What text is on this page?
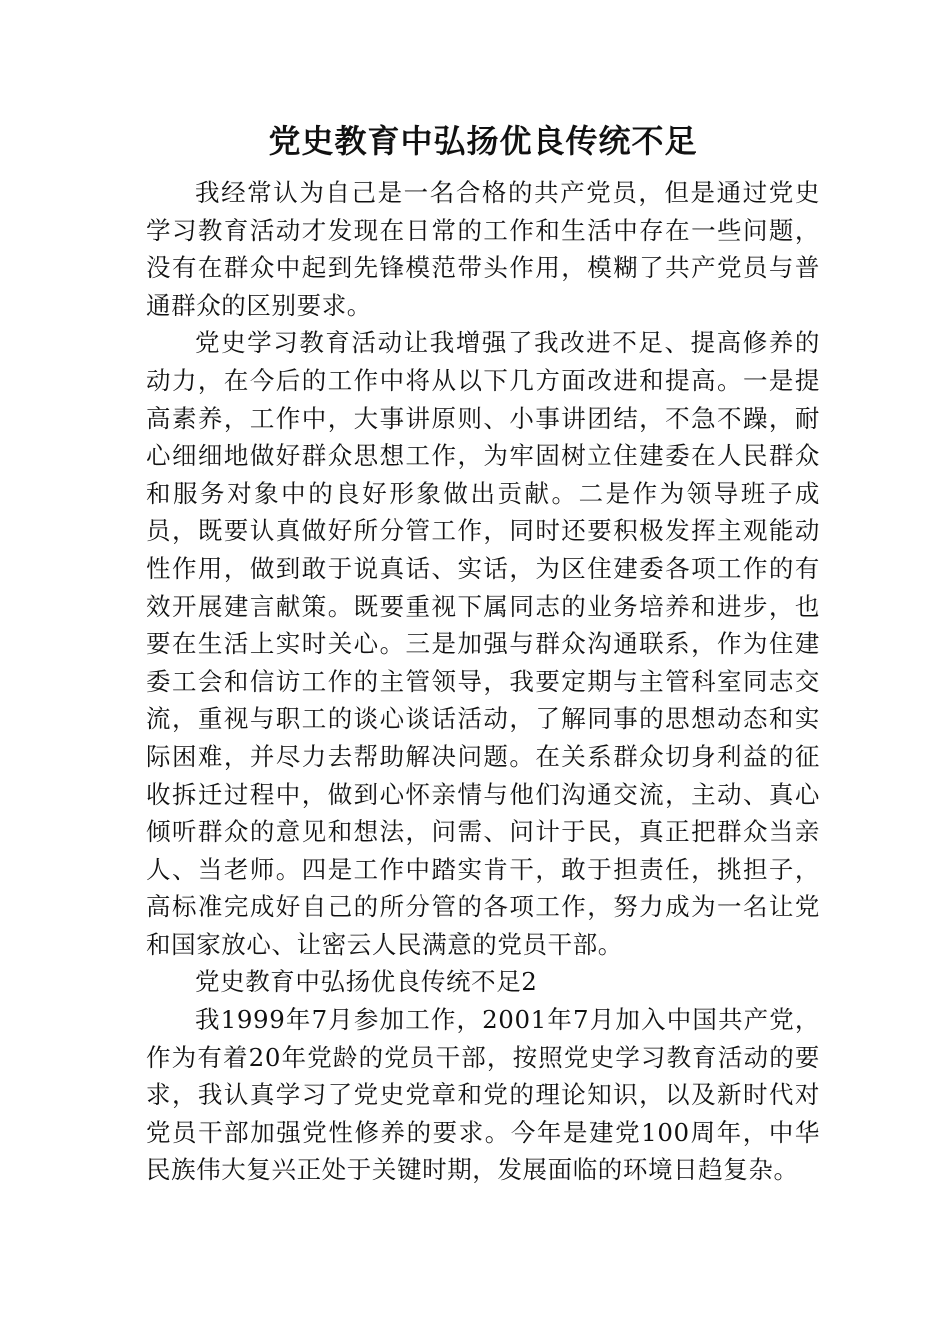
党史教育中弘扬优良传统不足

我经常认为自己是一名合格的共产党员，但是通过党史学习教育活动才发现在日常的工作和生活中存在一些问题，没有在群众中起到先锋模范带头作用，模糊了共产党员与普通群众的区别要求。

党史学习教育活动让我增强了我改进不足、提高修养的动力，在今后的工作中将从以下几方面改进和提高。一是提高素养，工作中，大事讲原则、小事讲团结，不急不躁，耐心细细地做好群众思想工作，为牢固树立住建委在人民群众和服务对象中的良好形象做出贡献。二是作为领导班子成员，既要认真做好所分管工作，同时还要积极发挥主观能动性作用，做到敢于说真话、实话，为区住建委各项工作的有效开展建言献策。既要重视下属同志的业务培养和进步，也要在生活上实时关心。三是加强与群众沟通联系，作为住建委工会和信访工作的主管领导，我要定期与主管科室同志交流，重视与职工的谈心谈话活动，了解同事的思想动态和实际困难，并尽力去帮助解决问题。在关系群众切身利益的征收拆迁过程中，做到心怀亲情与他们沟通交流，主动、真心倾听群众的意见和想法，问需、问计于民，真正把群众当亲人、当老师。四是工作中踏实肯干，敢于担责任，挑担子，高标准完成好自己的所分管的各项工作，努力成为一名让党和国家放心、让密云人民满意的党员干部。

党史教育中弘扬优良传统不足2

我1999年7月参加工作，2001年7月加入中国共产党，作为有着20年党龄的党员干部，按照党史学习教育活动的要求，我认真学习了党史党章和党的理论知识，以及新时代对党员干部加强党性修养的要求。今年是建党100周年，中华民族伟大复兴正处于关键时期，发展面临的环境日趋复杂。
